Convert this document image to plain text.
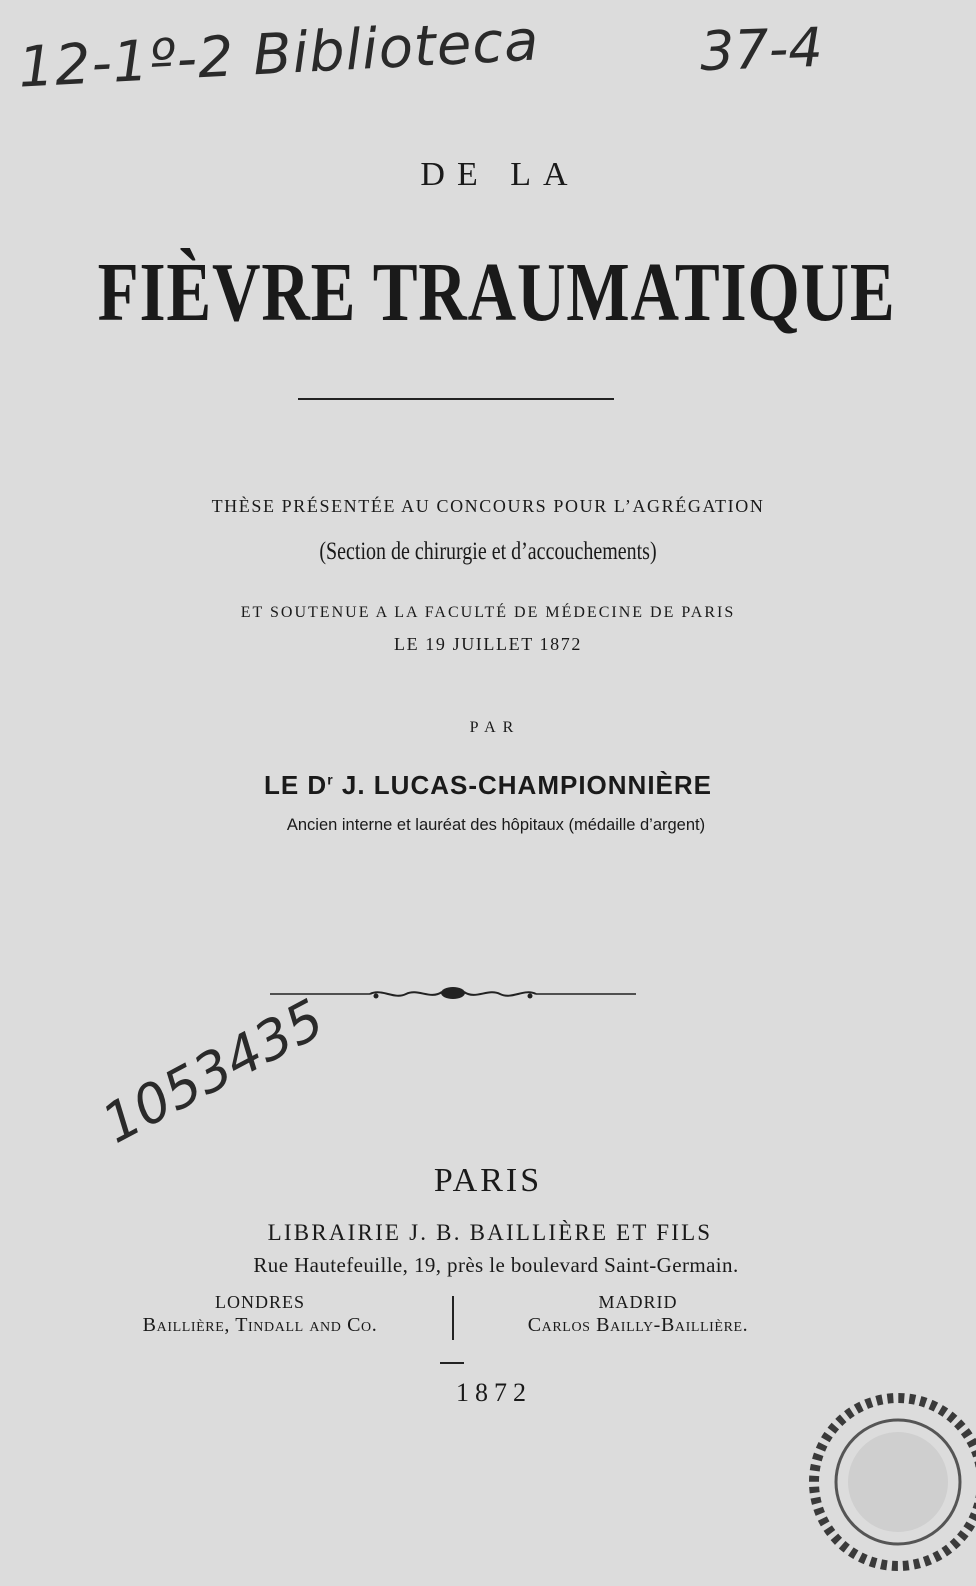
12-1º-2 Biblioteca	37-4
1053435
DE LA
FIÈVRE TRAUMATIQUE
THÈSE PRÉSENTÉE AU CONCOURS POUR L’AGRÉGATION
(Section de chirurgie et d’accouchements)
ET SOUTENUE A LA FACULTÉ DE MÉDECINE DE PARIS
LE 19 JUILLET 1872
PAR
LE $D^r$ J. LUCAS-CHAMPIONNIÈRE
Ancien interne et lauréat des hôpitaux (médaille d’argent)
PARIS
LIBRAIRIE J. B. BAILLIÈRE ET FILS
Rue Hautefeuille, 19, près le boulevard Saint-Germain.
LONDRES
Baillière, Tindall and Co.
MADRID
Carlos Bailly-Baillière.
1872
